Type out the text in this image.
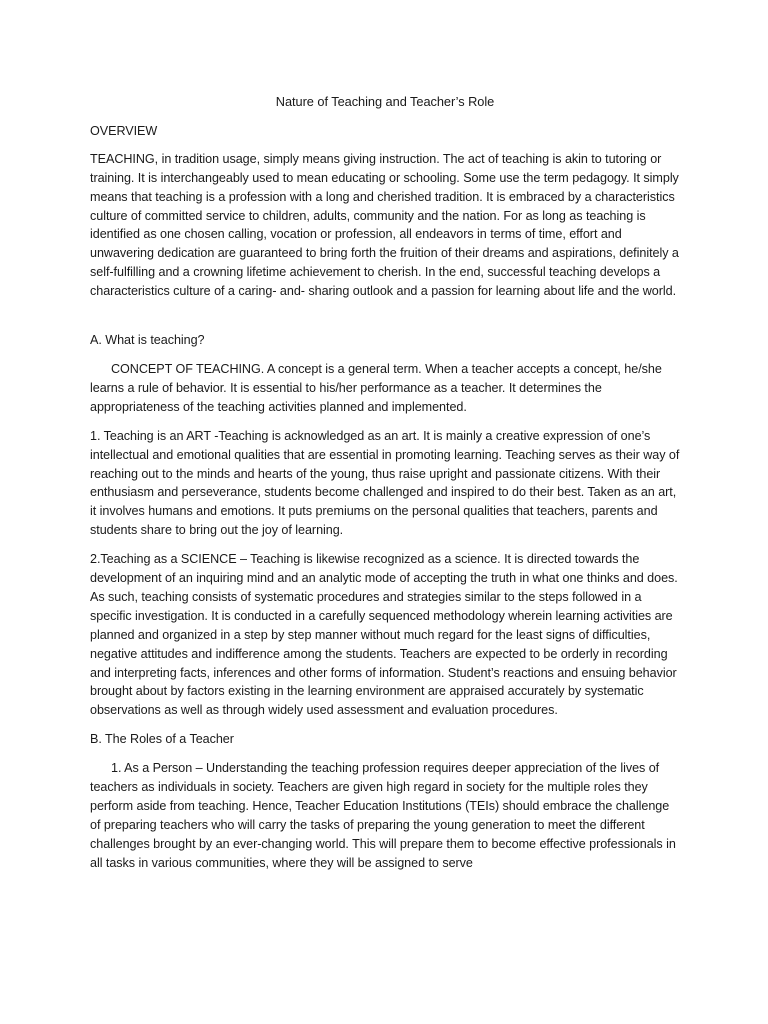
Nature of Teaching and Teacher’s Role

OVERVIEW

TEACHING, in tradition usage, simply means giving instruction. The act of teaching is akin to tutoring or training. It is interchangeably used to mean educating or schooling. Some use the term pedagogy. It simply means that teaching is a profession with a long and cherished tradition. It is embraced by a characteristics culture of committed service to children, adults, community and the nation. For as long as teaching is identified as one chosen calling, vocation or profession, all endeavors in terms of time, effort and unwavering dedication are guaranteed to bring forth the fruition of their dreams and aspirations, definitely a self-fulfilling and a crowning lifetime achievement to cherish. In the end, successful teaching develops a characteristics culture of a caring- and- sharing outlook and a passion for learning about life and the world.

A. What is teaching?

CONCEPT OF TEACHING. A concept is a general term. When a teacher accepts a concept, he/she learns a rule of behavior. It is essential to his/her performance as a teacher. It determines the appropriateness of the teaching activities planned and implemented.

1. Teaching is an ART -Teaching is acknowledged as an art. It is mainly a creative expression of one’s intellectual and emotional qualities that are essential in promoting learning. Teaching serves as their way of reaching out to the minds and hearts of the young, thus raise upright and passionate citizens. With their enthusiasm and perseverance, students become challenged and inspired to do their best. Taken as an art, it involves humans and emotions. It puts premiums on the personal qualities that teachers, parents and students share to bring out the joy of learning.

2.Teaching as a SCIENCE – Teaching is likewise recognized as a science. It is directed towards the development of an inquiring mind and an analytic mode of accepting the truth in what one thinks and does. As such, teaching consists of systematic procedures and strategies similar to the steps followed in a specific investigation. It is conducted in a carefully sequenced methodology wherein learning activities are planned and organized in a step by step manner without much regard for the least signs of difficulties, negative attitudes and indifference among the students. Teachers are expected to be orderly in recording and interpreting facts, inferences and other forms of information. Student’s reactions and ensuing behavior brought about by factors existing in the learning environment are appraised accurately by systematic observations as well as through widely used assessment and evaluation procedures.

B. The Roles of a Teacher

1. As a Person – Understanding the teaching profession requires deeper appreciation of the lives of teachers as individuals in society. Teachers are given high regard in society for the multiple roles they perform aside from teaching. Hence, Teacher Education Institutions (TEIs) should embrace the challenge of preparing teachers who will carry the tasks of preparing the young generation to meet the different challenges brought by an ever-changing world. This will prepare them to become effective professionals in all tasks in various communities, where they will be assigned to serve
